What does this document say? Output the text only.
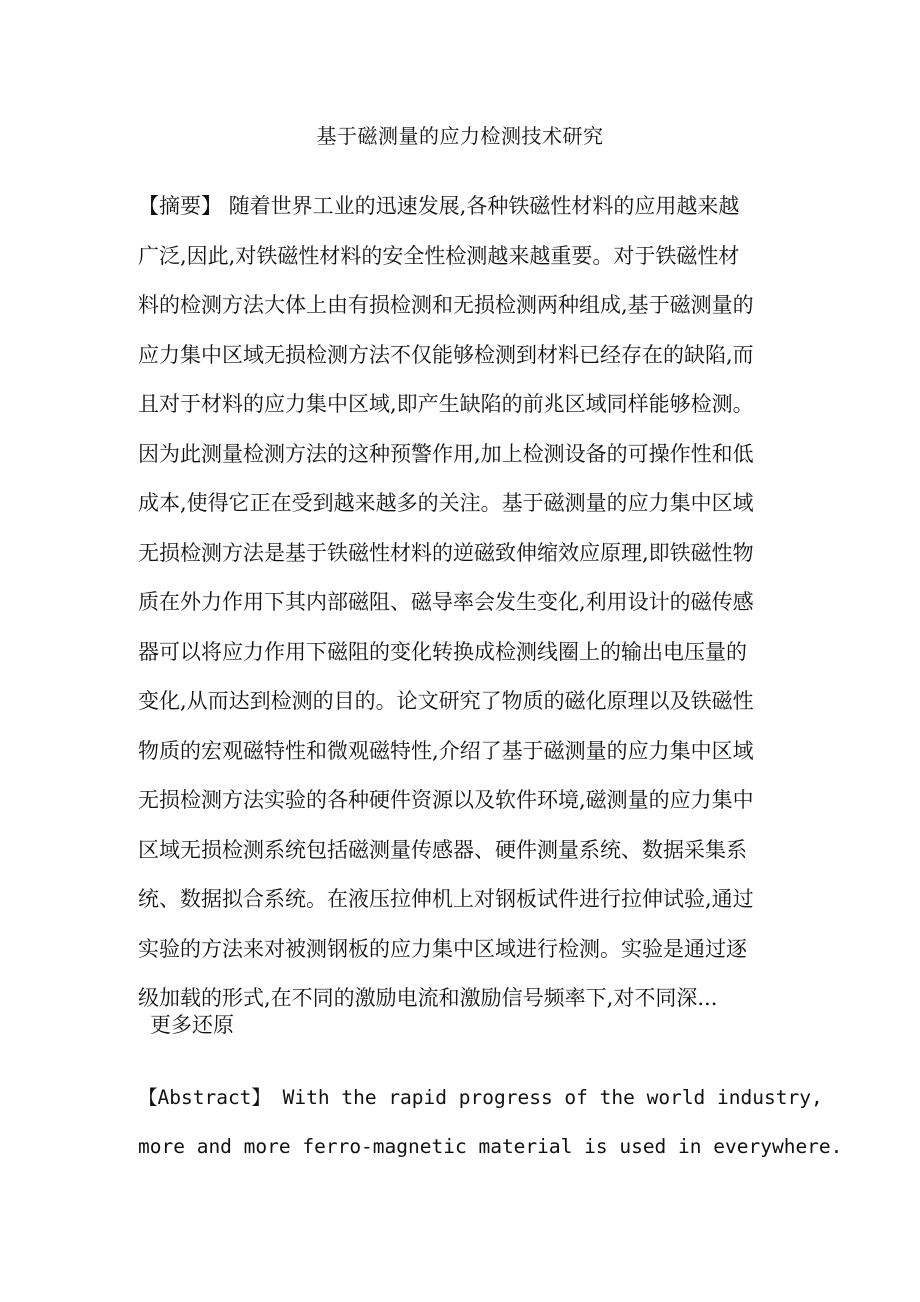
基于磁测量的应力检测技术研究
【摘要】 随着世界工业的迅速发展,各种铁磁性材料的应用越来越
广泛,因此,对铁磁性材料的安全性检测越来越重要。对于铁磁性材
料的检测方法大体上由有损检测和无损检测两种组成,基于磁测量的
应力集中区域无损检测方法不仅能够检测到材料已经存在的缺陷,而
且对于材料的应力集中区域,即产生缺陷的前兆区域同样能够检测。
因为此测量检测方法的这种预警作用,加上检测设备的可操作性和低
成本,使得它正在受到越来越多的关注。基于磁测量的应力集中区域
无损检测方法是基于铁磁性材料的逆磁致伸缩效应原理,即铁磁性物
质在外力作用下其内部磁阻、磁导率会发生变化,利用设计的磁传感
器可以将应力作用下磁阻的变化转换成检测线圈上的输出电压量的
变化,从而达到检测的目的。论文研究了物质的磁化原理以及铁磁性
物质的宏观磁特性和微观磁特性,介绍了基于磁测量的应力集中区域
无损检测方法实验的各种硬件资源以及软件环境,磁测量的应力集中
区域无损检测系统包括磁测量传感器、硬件测量系统、数据采集系
统、数据拟合系统。在液压拉伸机上对钢板试件进行拉伸试验,通过
实验的方法来对被测钢板的应力集中区域进行检测。实验是通过逐
级加载的形式,在不同的激励电流和激励信号频率下,对不同深...
更多还原
【Abstract】 With the rapid progress of the world industry,
more and more ferro-magnetic material is used in everywhere.
